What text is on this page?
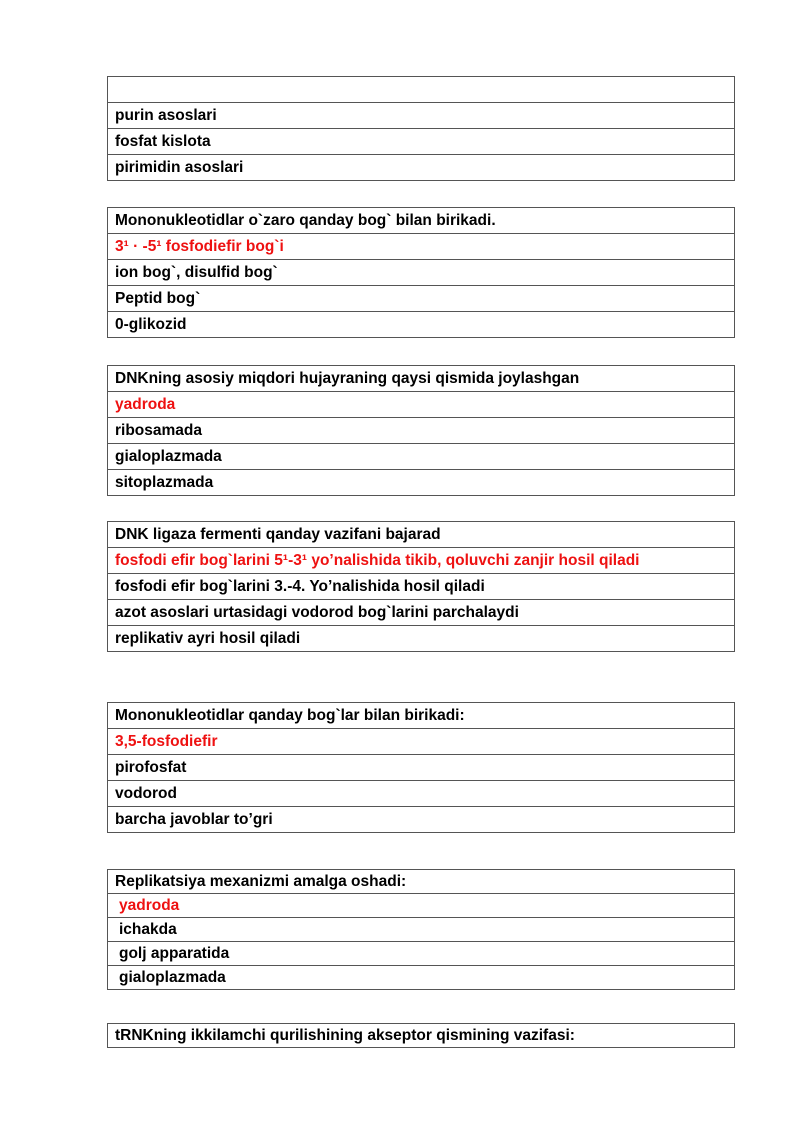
purin asoslari
fosfat kislota
pirimidin asoslari
Mononukleotidlar o`zaro qanday bog` bilan birikadi.
3¹ · -5¹ fosfodiefir bog`i
ion bog`, disulfid bog`
Peptid bog`
0-glikozid
DNKning asosiy miqdori hujayraning qaysi qismida joylashgan
yadroda
ribosamada
gialoplazmada
sitoplazmada
DNK ligaza fermenti qanday vazifani bajarad
fosfodi efir bog`larini 5¹-3¹ yo’nalishida tikib, qoluvchi zanjir hosil qiladi
fosfodi efir bog`larini 3.-4. Yo’nalishida hosil qiladi
azot asoslari urtasidagi vodorod bog`larini parchalaydi
replikativ ayri hosil qiladi
Mononukleotidlar qanday bog`lar bilan birikadi:
3,5-fosfodiefir
pirofosfat
vodorod
barcha javoblar to’gri
Replikatsiya mexanizmi amalga oshadi:
yadroda
ichakda
golj apparatida
gialoplazmada
tRNKning ikkilamchi qurilishining akseptor qismining vazifasi:
